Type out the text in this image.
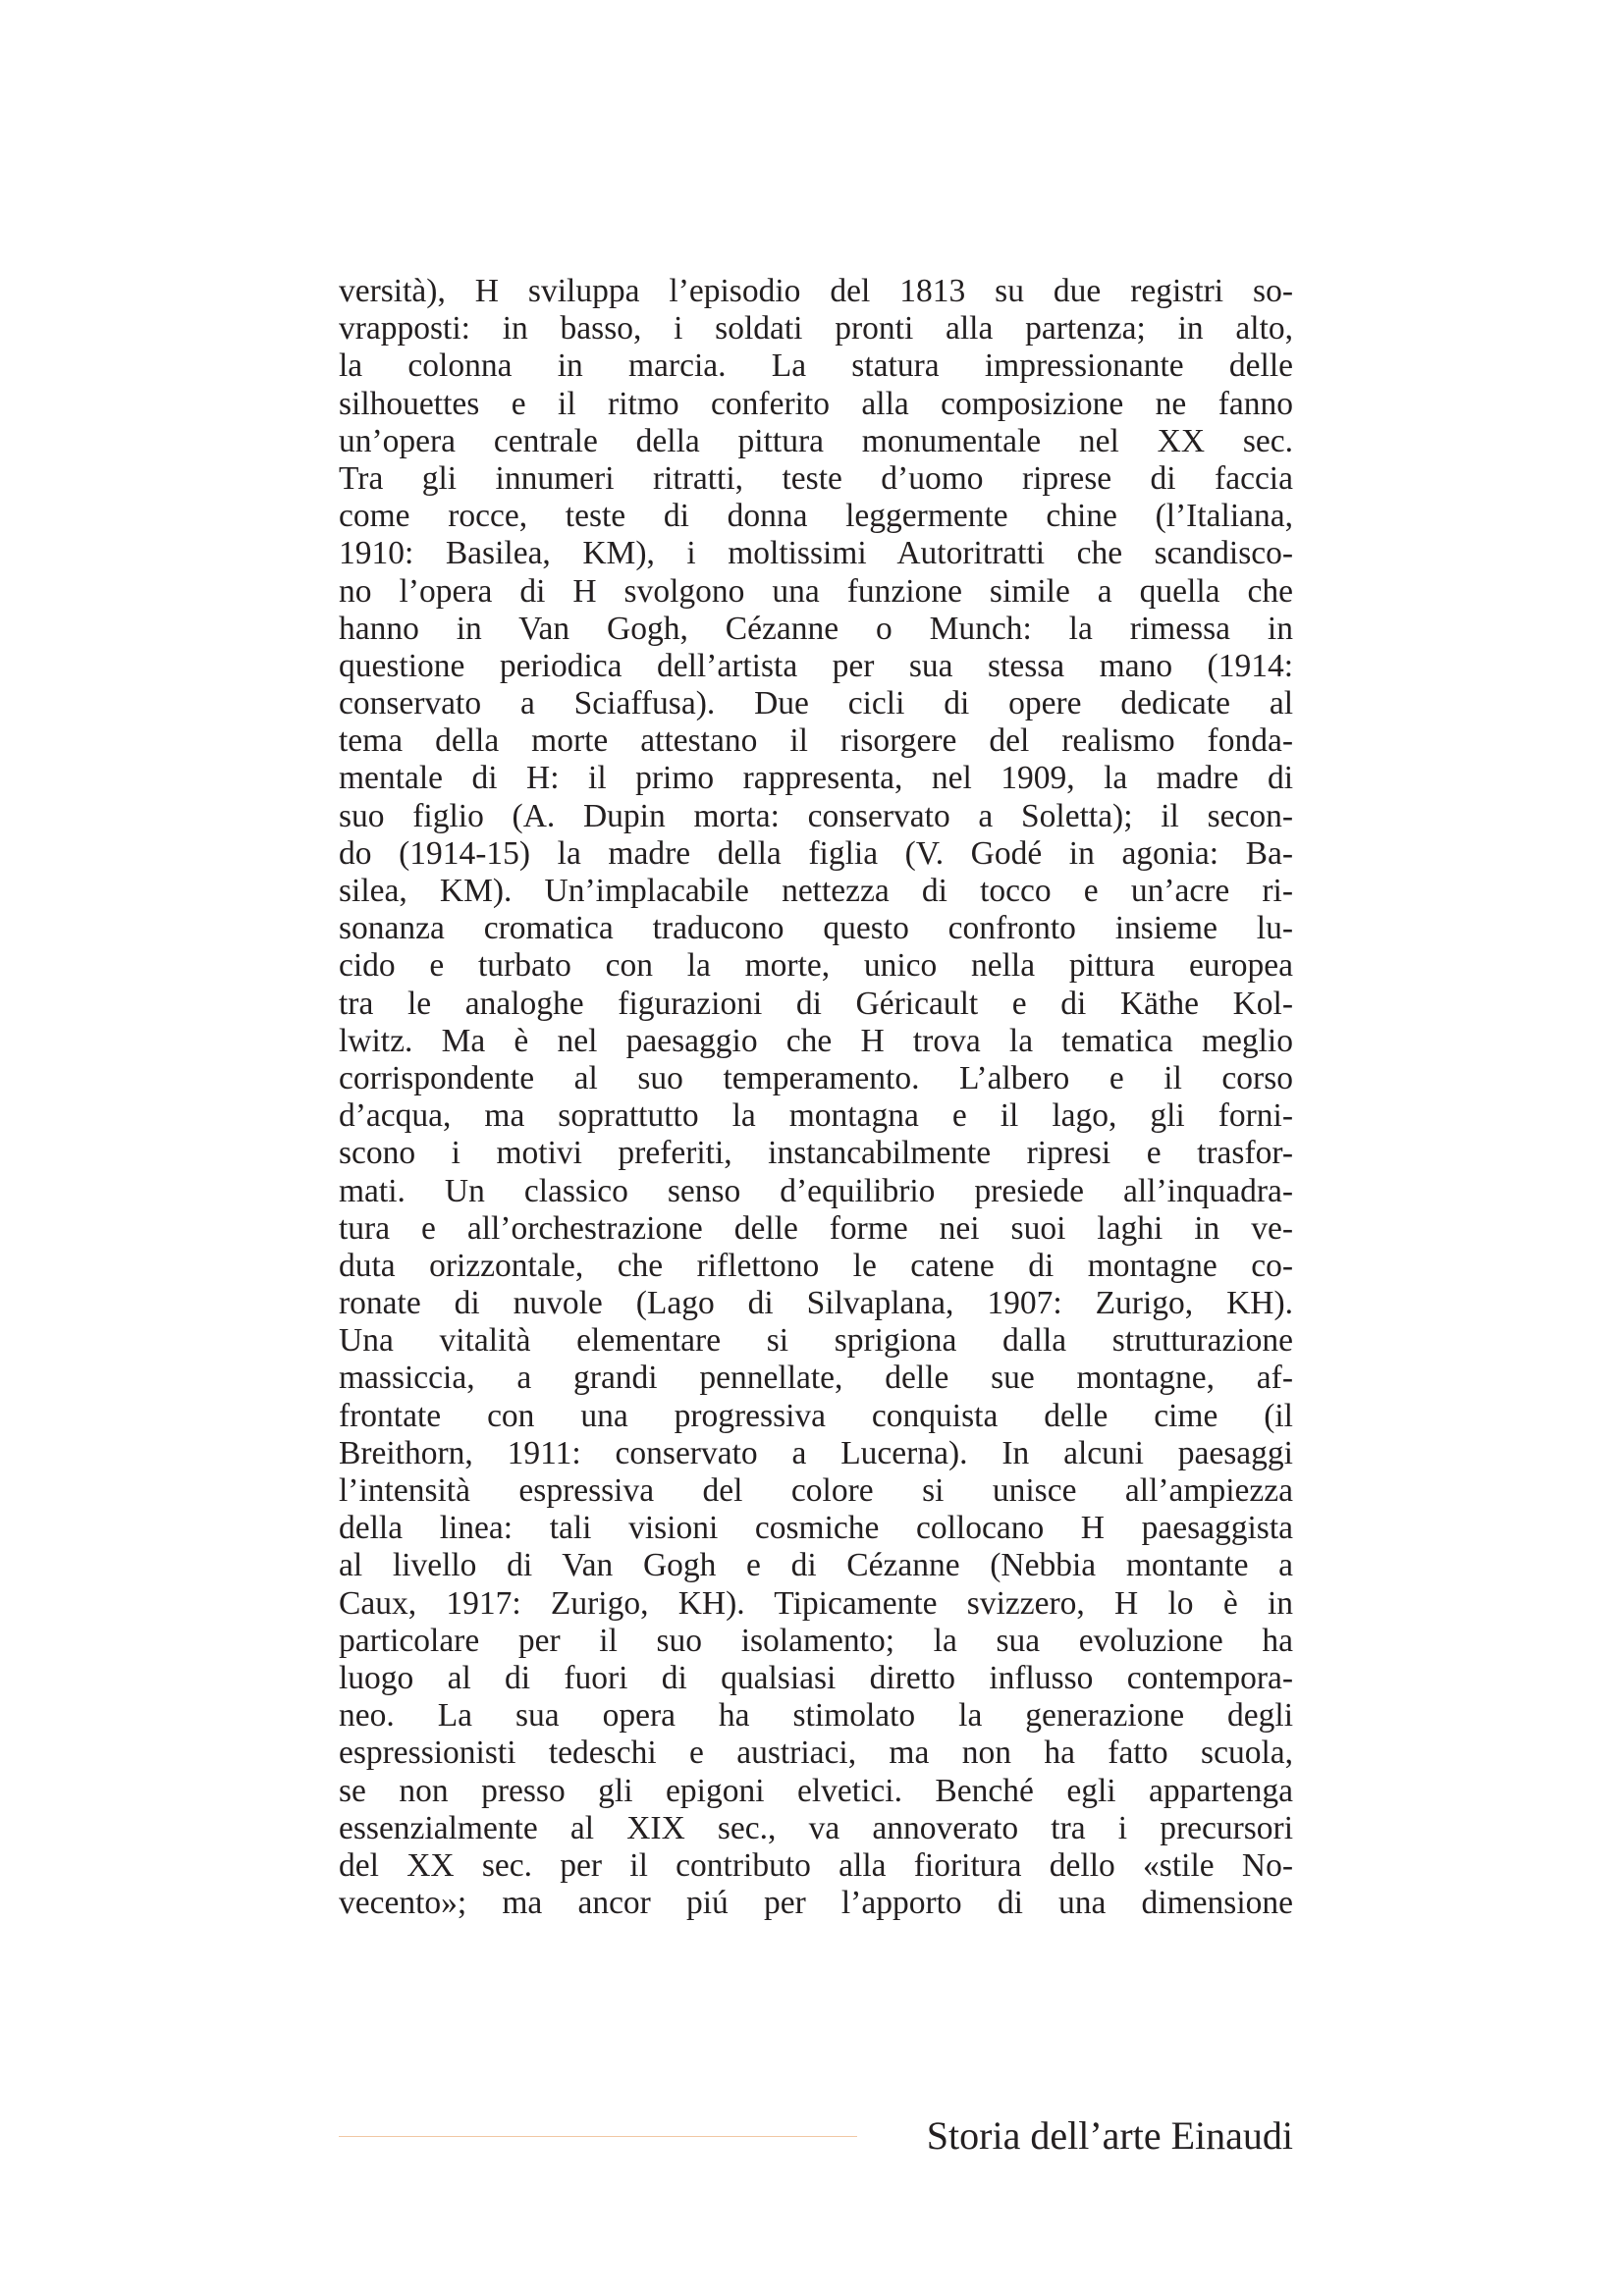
versità), H sviluppa l’episodio del 1813 su due registri so-
vrapposti: in basso, i soldati pronti alla partenza; in alto,
la colonna in marcia. La statura impressionante delle
silhouettes e il ritmo conferito alla composizione ne fanno
un’opera centrale della pittura monumentale nel XX sec.
Tra gli innumeri ritratti, teste d’uomo riprese di faccia
come rocce, teste di donna leggermente chine (l’Italiana,
1910: Basilea, KM), i moltissimi Autoritratti che scandisco-
no l’opera di H svolgono una funzione simile a quella che
hanno in Van Gogh, Cézanne o Munch: la rimessa in
questione periodica dell’artista per sua stessa mano (1914:
conservato a Sciaffusa). Due cicli di opere dedicate al
tema della morte attestano il risorgere del realismo fonda-
mentale di H: il primo rappresenta, nel 1909, la madre di
suo figlio (A. Dupin morta: conservato a Soletta); il secon-
do (1914-15) la madre della figlia (V. Godé in agonia: Ba-
silea, KM). Un’implacabile nettezza di tocco e un’acre ri-
sonanza cromatica traducono questo confronto insieme lu-
cido e turbato con la morte, unico nella pittura europea
tra le analoghe figurazioni di Géricault e di Käthe Kol-
lwitz. Ma è nel paesaggio che H trova la tematica meglio
corrispondente al suo temperamento. L’albero e il corso
d’acqua, ma soprattutto la montagna e il lago, gli forni-
scono i motivi preferiti, instancabilmente ripresi e trasfor-
mati. Un classico senso d’equilibrio presiede all’inquadra-
tura e all’orchestrazione delle forme nei suoi laghi in ve-
duta orizzontale, che riflettono le catene di montagne co-
ronate di nuvole (Lago di Silvaplana, 1907: Zurigo, KH).
Una vitalità elementare si sprigiona dalla strutturazione
massiccia, a grandi pennellate, delle sue montagne, af-
frontate con una progressiva conquista delle cime (il
Breithorn, 1911: conservato a Lucerna). In alcuni paesaggi
l’intensità espressiva del colore si unisce all’ampiezza
della linea: tali visioni cosmiche collocano H paesaggista
al livello di Van Gogh e di Cézanne (Nebbia montante a
Caux, 1917: Zurigo, KH). Tipicamente svizzero, H lo è in
particolare per il suo isolamento; la sua evoluzione ha
luogo al di fuori di qualsiasi diretto influsso contempora-
neo. La sua opera ha stimolato la generazione degli
espressionisti tedeschi e austriaci, ma non ha fatto scuola,
se non presso gli epigoni elvetici. Benché egli appartenga
essenzialmente al XIX sec., va annoverato tra i precursori
del XX sec. per il contributo alla fioritura dello «stile No-
vecento»; ma ancor piú per l’apporto di una dimensione
Storia dell’arte Einaudi
